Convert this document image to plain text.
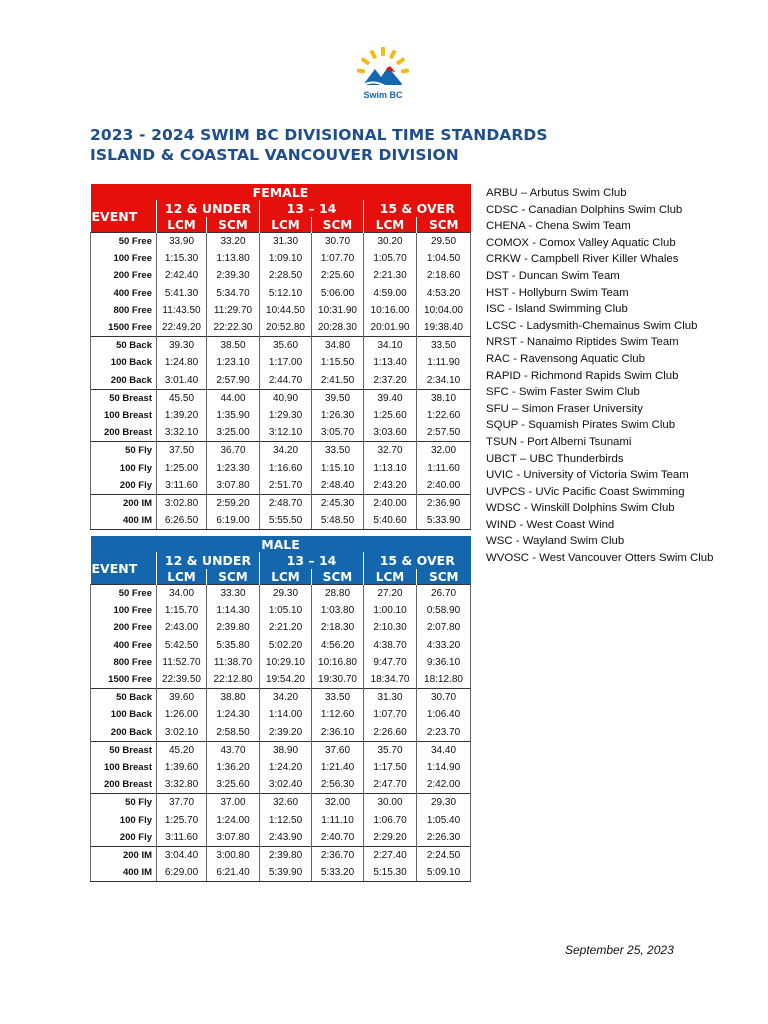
Swim BC
2023 - 2024 SWIM BC DIVISIONAL TIME STANDARDS
ISLAND & COASTAL VANCOUVER DIVISION
FEMALE						
EVENT	12 & UNDER		13 – 14		15 & OVER	
	LCM	SCM	LCM	SCM	LCM	SCM
50 Free	33.90	33.20	31.30	30.70	30.20	29.50
100 Free	1:15.30	1:13.80	1:09.10	1:07.70	1:05.70	1:04.50
200 Free	2:42.40	2:39.30	2:28.50	2:25.60	2:21.30	2:18.60
400 Free	5:41.30	5:34.70	5:12.10	5:06.00	4:59.00	4:53.20
800 Free	11:43.50	11:29.70	10:44.50	10:31.90	10:16.00	10:04.00
1500 Free	22:49.20	22:22.30	20:52.80	20:28.30	20:01.90	19:38.40
50 Back	39.30	38.50	35.60	34.80	34.10	33.50
100 Back	1:24.80	1:23.10	1:17.00	1:15.50	1:13.40	1:11.90
200 Back	3:01.40	2:57.90	2:44.70	2:41.50	2:37.20	2:34.10
50 Breast	45.50	44.00	40.90	39.50	39.40	38.10
100 Breast	1:39.20	1:35.90	1:29.30	1:26.30	1:25.60	1:22.60
200 Breast	3:32.10	3:25.00	3:12.10	3:05.70	3:03.60	2:57.50
50 Fly	37.50	36.70	34.20	33.50	32.70	32.00
100 Fly	1:25.00	1:23.30	1:16.60	1:15.10	1:13.10	1:11.60
200 Fly	3:11.60	3:07.80	2:51.70	2:48.40	2:43.20	2:40.00
200 IM	3:02.80	2:59.20	2:48.70	2:45.30	2:40.00	2:36.90
400 IM	6:26.50	6:19.00	5:55.50	5:48.50	5:40.60	5:33.90
MALE						
EVENT	12 & UNDER		13 – 14		15 & OVER	
	LCM	SCM	LCM	SCM	LCM	SCM
50 Free	34.00	33.30	29.30	28.80	27.20	26.70
100 Free	1:15.70	1:14.30	1:05.10	1:03.80	1:00.10	0:58.90
200 Free	2:43.00	2:39.80	2:21.20	2:18.30	2:10.30	2:07.80
400 Free	5:42.50	5:35.80	5:02.20	4:56.20	4:38.70	4:33.20
800 Free	11:52.70	11:38.70	10:29.10	10:16.80	9:47.70	9:36.10
1500 Free	22:39.50	22:12.80	19:54.20	19:30.70	18:34.70	18:12.80
50 Back	39.60	38.80	34.20	33.50	31.30	30.70
100 Back	1:26.00	1:24.30	1:14.00	1:12.60	1:07.70	1:06.40
200 Back	3:02.10	2:58.50	2:39.20	2:36.10	2:26.60	2:23.70
50 Breast	45.20	43.70	38.90	37.60	35.70	34.40
100 Breast	1:39.60	1:36.20	1:24.20	1:21.40	1:17.50	1:14.90
200 Breast	3:32.80	3:25.60	3:02.40	2:56.30	2:47.70	2:42.00
50 Fly	37.70	37.00	32.60	32.00	30.00	29.30
100 Fly	1:25.70	1:24.00	1:12.50	1:11.10	1:06.70	1:05.40
200 Fly	3:11.60	3:07.80	2:43.90	2:40.70	2:29.20	2:26.30
200 IM	3:04.40	3:00.80	2:39.80	2:36.70	2:27.40	2:24.50
400 IM	6:29.00	6:21.40	5:39.90	5:33.20	5:15.30	5:09.10
ARBU – Arbutus Swim Club
CDSC - Canadian Dolphins Swim Club
CHENA - Chena Swim Team
COMOX - Comox Valley Aquatic Club
CRKW - Campbell River Killer Whales
DST - Duncan Swim Team
HST - Hollyburn Swim Team
ISC - Island Swimming Club
LCSC - Ladysmith-Chemainus Swim Club
NRST - Nanaimo Riptides Swim Team
RAC - Ravensong Aquatic Club
RAPID - Richmond Rapids Swim Club
SFC - Swim Faster Swim Club
SFU – Simon Fraser University
SQUP - Squamish Pirates Swim Club
TSUN - Port Alberni Tsunami
UBCT – UBC Thunderbirds
UVIC - University of Victoria Swim Team
UVPCS - UVic Pacific Coast Swimming
WDSC - Winskill Dolphins Swim Club
WIND - West Coast Wind
WSC - Wayland Swim Club
WVOSC - West Vancouver Otters Swim Club
September 25, 2023
